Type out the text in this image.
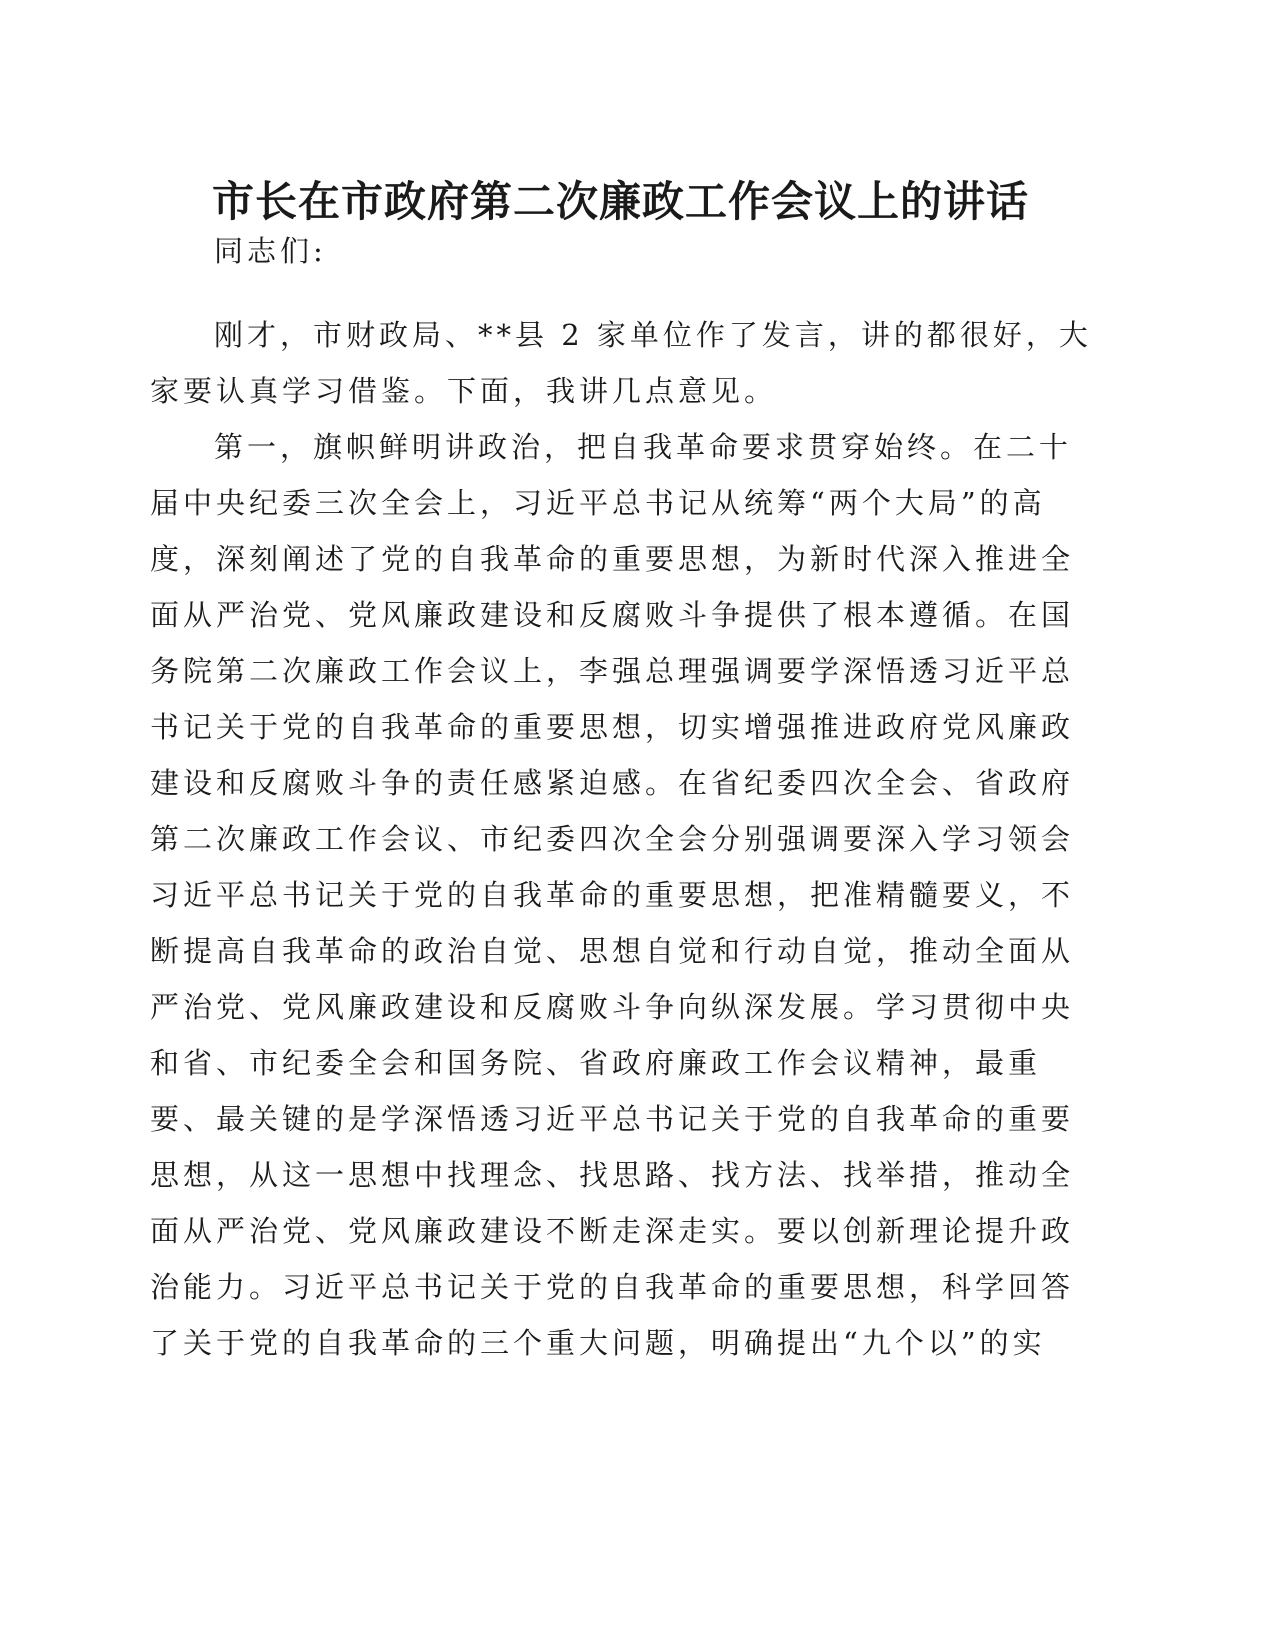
市长在市政府第二次廉政工作会议上的讲话

同志们:

刚才，市财政局、**县 2 家单位作了发言，讲的都很好，大

家要认真学习借鉴。下面，我讲几点意见。

第一，旗帜鲜明讲政治，把自我革命要求贯穿始终。在二十

届中央纪委三次全会上，习近平总书记从统筹“两个大局”的高

度，深刻阐述了党的自我革命的重要思想，为新时代深入推进全

面从严治党、党风廉政建设和反腐败斗争提供了根本遵循。在国

务院第二次廉政工作会议上，李强总理强调要学深悟透习近平总

书记关于党的自我革命的重要思想，切实增强推进政府党风廉政

建设和反腐败斗争的责任感紧迫感。在省纪委四次全会、省政府

第二次廉政工作会议、市纪委四次全会分别强调要深入学习领会

习近平总书记关于党的自我革命的重要思想，把准精髓要义，不

断提高自我革命的政治自觉、思想自觉和行动自觉，推动全面从

严治党、党风廉政建设和反腐败斗争向纵深发展。学习贯彻中央

和省、市纪委全会和国务院、省政府廉政工作会议精神，最重

要、最关键的是学深悟透习近平总书记关于党的自我革命的重要

思想，从这一思想中找理念、找思路、找方法、找举措，推动全

面从严治党、党风廉政建设不断走深走实。要以创新理论提升政

治能力。习近平总书记关于党的自我革命的重要思想，科学回答

了关于党的自我革命的三个重大问题，明确提出“九个以”的实
